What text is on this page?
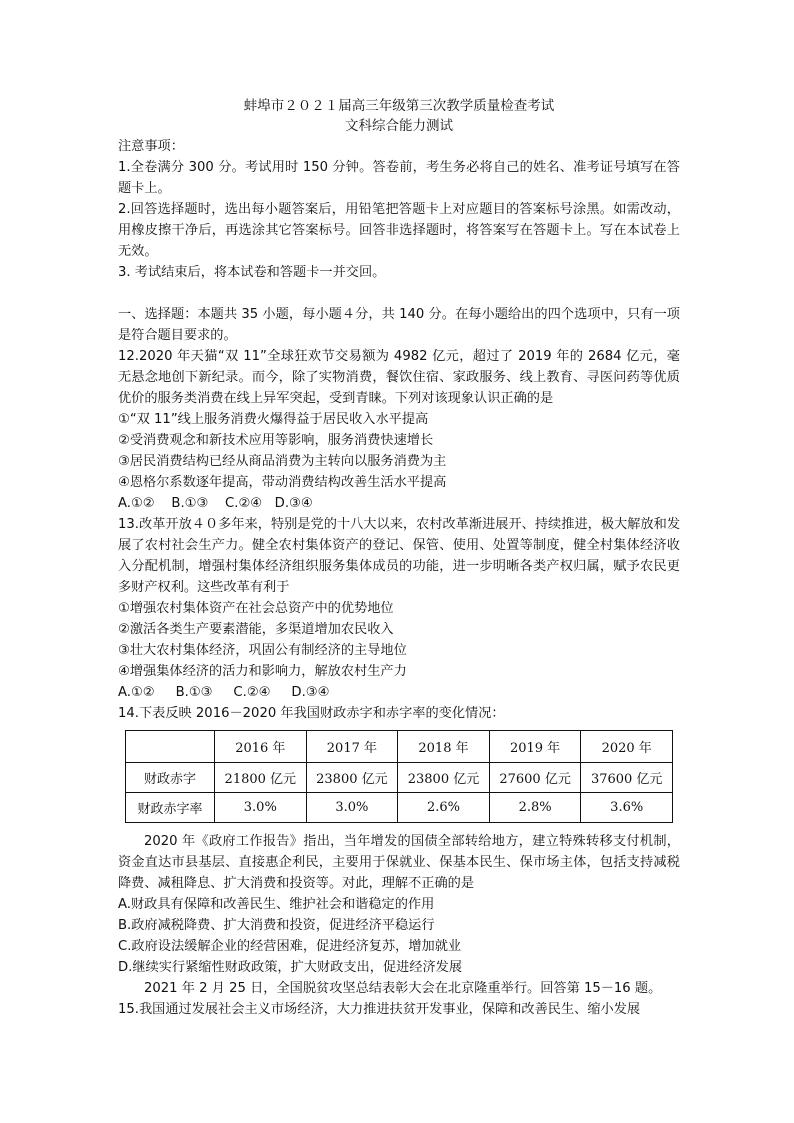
蚌埠市２０２１届高三年级第三次教学质量检查考试
文科综合能力测试
注意事项：
1.全卷满分 300 分。考试用时 150 分钟。答卷前，考生务必将自己的姓名、准考证号填写在答题卡上。
2.回答选择题时，选出每小题答案后，用铅笔把答题卡上对应题目的答案标号涂黑。如需改动，用橡皮擦干净后，再选涂其它答案标号。回答非选择题时，将答案写在答题卡上。写在本试卷上无效。
3. 考试结束后，将本试卷和答题卡一并交回。
一、选择题：本题共 35 小题，每小题４分，共 140 分。在每小题给出的四个选项中，只有一项是符合题目要求的。
12.2020 年天猫“双 11”全球狂欢节交易额为 4982 亿元，超过了 2019 年的 2684 亿元，毫无悬念地创下新纪录。而今，除了实物消费，餐饮住宿、家政服务、线上教育、寻医问药等优质优价的服务类消费在线上异军突起，受到青睐。下列对该现象认识正确的是
①“双 11”线上服务消费火爆得益于居民收入水平提高
②受消费观念和新技术应用等影响，服务消费快速增长
③居民消费结构已经从商品消费为主转向以服务消费为主
④恩格尔系数逐年提高，带动消费结构改善生活水平提高
A.①②    B.①③    C.②④   D.③④
13.改革开放４０多年来，特别是党的十八大以来，农村改革渐进展开、持续推进，极大解放和发展了农村社会生产力。健全农村集体资产的登记、保管、使用、处置等制度，健全村集体经济收入分配机制，增强村集体经济组织服务集体成员的功能，进一步明晰各类产权归属，赋予农民更多财产权利。这些改革有利于
①增强农村集体资产在社会总资产中的优势地位
②激活各类生产要素潜能，多渠道增加农民收入
③壮大农村集体经济，巩固公有制经济的主导地位
④增强集体经济的活力和影响力，解放农村生产力
A.①②     B.①③     C.②④     D.③④
14.下表反映 2016－2020 年我国财政赤字和赤字率的变化情况：
	2016 年	2017 年	2018 年	2019 年	2020 年
财政赤字	21800 亿元	23800 亿元	23800 亿元	27600 亿元	37600 亿元
财政赤字率	3.0%	3.0%	2.6%	2.8%	3.6%
2020 年《政府工作报告》指出，当年增发的国债全部转给地方，建立特殊转移支付机制，资金直达市县基层、直接惠企利民，主要用于保就业、保基本民生、保市场主体，包括支持减税降费、减租降息、扩大消费和投资等。对此，理解不正确的是
A.财政具有保障和改善民生、维护社会和谐稳定的作用
B.政府减税降费、扩大消费和投资，促进经济平稳运行
C.政府设法缓解企业的经营困难，促进经济复苏，增加就业
D.继续实行紧缩性财政政策，扩大财政支出，促进经济发展
2021 年 2 月 25 日，全国脱贫攻坚总结表彰大会在北京隆重举行。回答第 15－16 题。
15.我国通过发展社会主义市场经济，大力推进扶贫开发事业，保障和改善民生、缩小发展
